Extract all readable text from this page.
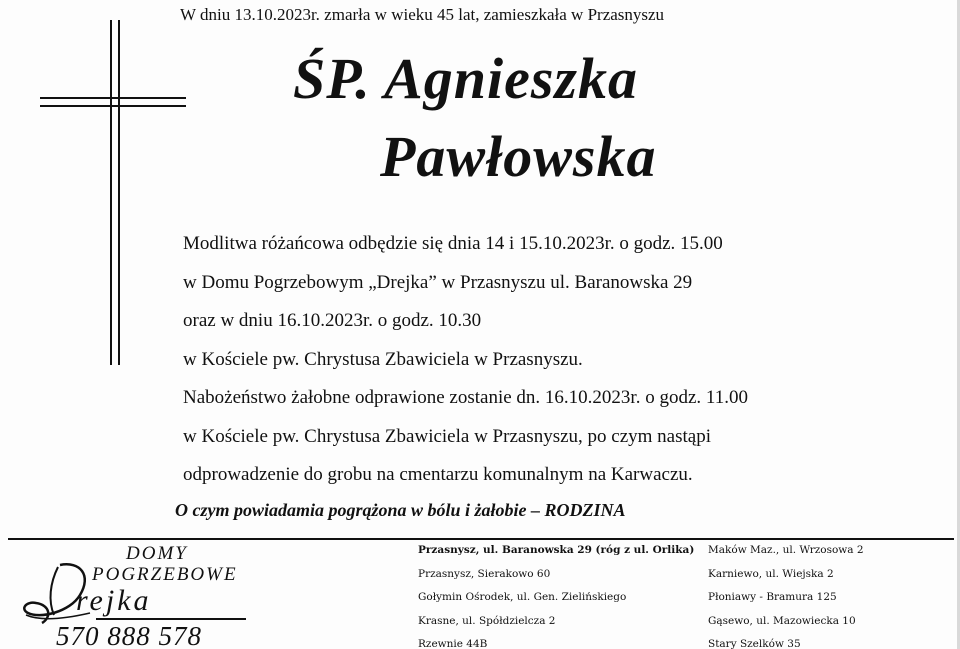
W dniu 13.10.2023r. zmarła w wieku 45 lat, zamieszkała w Przasnyszu
ŚP. Agnieszka
Pawłowska
Modlitwa różańcowa odbędzie się dnia 14 i 15.10.2023r. o godz. 15.00
w Domu Pogrzebowym „Drejka” w Przasnyszu ul. Baranowska 29
oraz w dniu 16.10.2023r. o godz. 10.30
w Kościele pw. Chrystusa Zbawiciela w Przasnyszu.
Nabożeństwo żałobne odprawione zostanie dn. 16.10.2023r. o godz. 11.00
w Kościele pw. Chrystusa Zbawiciela w Przasnyszu, po czym nastąpi
odprowadzenie do grobu na cmentarzu komunalnym na Karwaczu.
O czym powiadamia pogrążona w bólu i żałobie – RODZINA
DOMY
POGRZEBOWE
rejka
570 888 578
Przasnysz, ul. Baranowska 29 (róg z ul. Orlika)
Przasnysz, Sierakowo 60
Gołymin Ośrodek, ul. Gen. Zielińskiego
Krasne, ul. Spółdzielcza 2
Rzewnie 44B
Maków Maz., ul. Wrzosowa 2
Karniewo, ul. Wiejska 2
Płoniawy - Bramura 125
Gąsewo, ul. Mazowiecka 10
Stary Szelków 35
